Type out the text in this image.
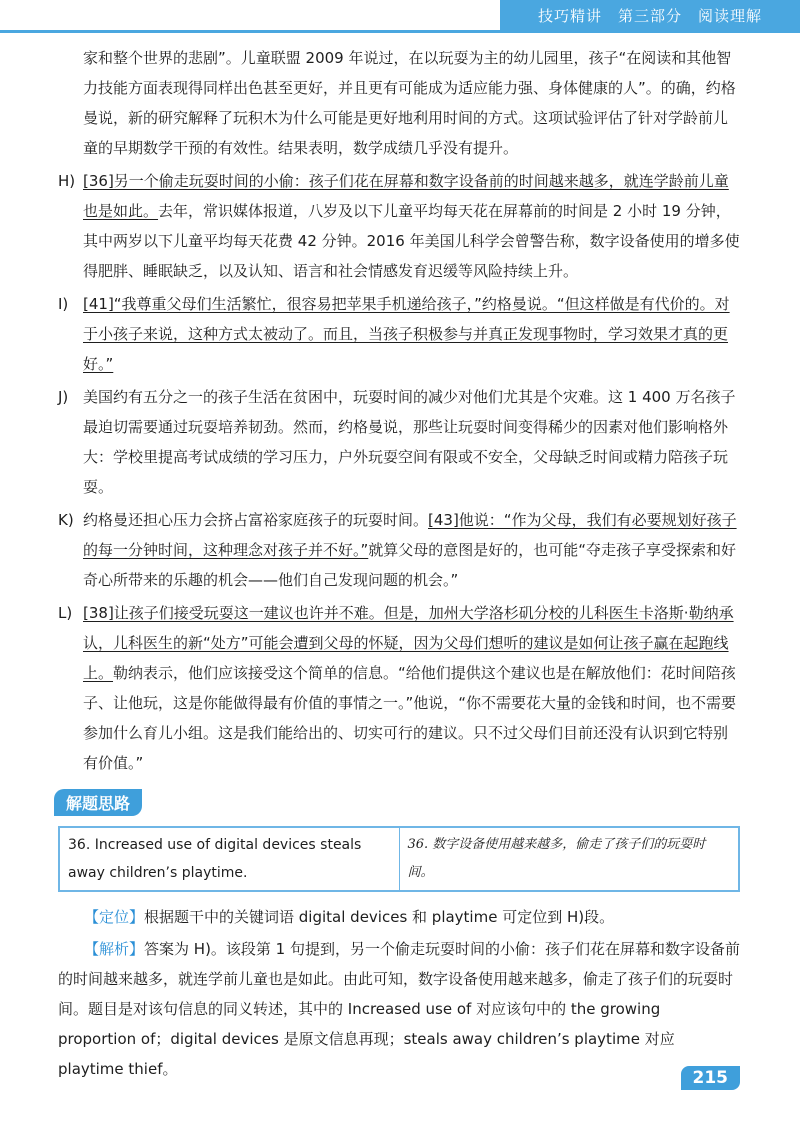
技巧精讲　第三部分　阅读理解

家和整个世界的悲剧”。儿童联盟 2009 年说过，在以玩耍为主的幼儿园里，孩子“在阅读和其他智力技能方面表现得同样出色甚至更好，并且更有可能成为适应能力强、身体健康的人”。的确，约格曼说，新的研究解释了玩积木为什么可能是更好地利用时间的方式。这项试验评估了针对学龄前儿童的早期数学干预的有效性。结果表明，数学成绩几乎没有提升。

H) [36]另一个偷走玩耍时间的小偷：孩子们花在屏幕和数字设备前的时间越来越多，就连学龄前儿童也是如此。去年，常识媒体报道，八岁及以下儿童平均每天花在屏幕前的时间是 2 小时 19 分钟，其中两岁以下儿童平均每天花费 42 分钟。2016 年美国儿科学会曾警告称，数字设备使用的增多使得肥胖、睡眠缺乏，以及认知、语言和社会情感发育迟缓等风险持续上升。
I) [41]“我尊重父母们生活繁忙，很容易把苹果手机递给孩子，”约格曼说。“但这样做是有代价的。对于小孩子来说，这种方式太被动了。而且，当孩子积极参与并真正发现事物时，学习效果才真的更好。”
J) 美国约有五分之一的孩子生活在贫困中，玩耍时间的减少对他们尤其是个灾难。这 1 400 万名孩子最迫切需要通过玩耍培养韧劲。然而，约格曼说，那些让玩耍时间变得稀少的因素对他们影响格外大：学校里提高考试成绩的学习压力，户外玩耍空间有限或不安全，父母缺乏时间或精力陪孩子玩耍。
K) 约格曼还担心压力会挤占富裕家庭孩子的玩耍时间。[43]他说：“作为父母，我们有必要规划好孩子的每一分钟时间，这种理念对孩子并不好。”就算父母的意图是好的，也可能“夺走孩子享受探索和好奇心所带来的乐趣的机会——他们自己发现问题的机会。”
L) [38]让孩子们接受玩耍这一建议也许并不难。但是，加州大学洛杉矶分校的儿科医生卡洛斯·勒纳承认，儿科医生的新“处方”可能会遭到父母的怀疑，因为父母们想听的建议是如何让孩子赢在起跑线上。勒纳表示，他们应该接受这个简单的信息。“给他们提供这个建议也是在解放他们：花时间陪孩子、让他玩，这是你能做得最有价值的事情之一。”他说，“你不需要花大量的金钱和时间，也不需要参加什么育儿小组。这是我们能给出的、切实可行的建议。只不过父母们目前还没有认识到它特别有价值。”
解题思路
36. Increased use of digital devices steals away children’s playtime.	36. 数字设备使用越来越多，偷走了孩子们的玩耍时间。

【定位】根据题干中的关键词语 digital devices 和 playtime 可定位到 H)段。

【解析】答案为 H)。该段第 1 句提到，另一个偷走玩耍时间的小偷：孩子们花在屏幕和数字设备前的时间越来越多，就连学前儿童也是如此。由此可知，数字设备使用越来越多，偷走了孩子们的玩耍时间。题目是对该句信息的同义转述，其中的 Increased use of 对应该句中的 the growing proportion of；digital devices 是原文信息再现；steals away children’s playtime 对应 playtime thief。	215
